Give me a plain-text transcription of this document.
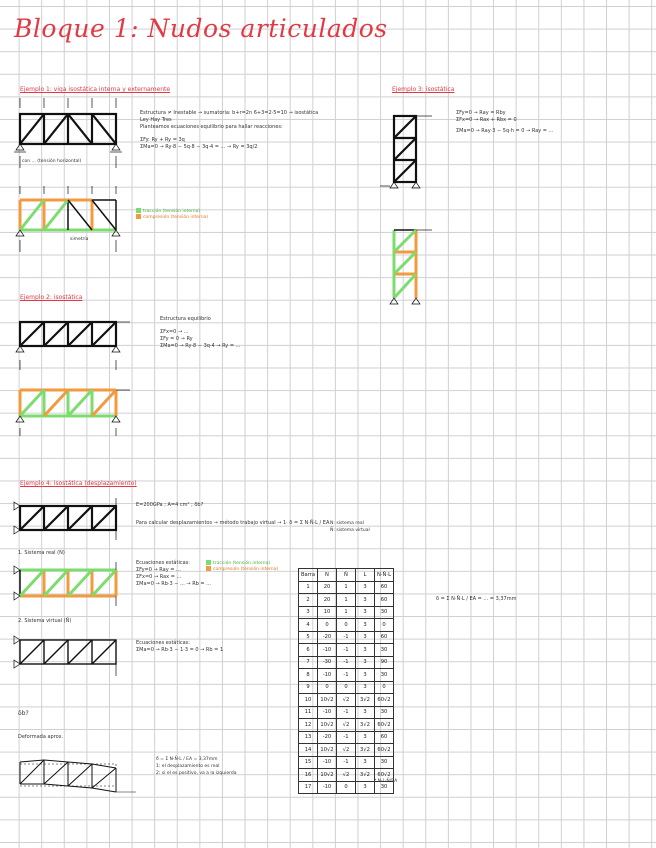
Bloque 1: Nudos articulados
Ejemplo 1: viga isostática interna y externamente
Estructura ≠ Inestable → sumatoria: b+r=2n 6+3=2·5=10 → isostática
Ley Hay Tres
Planteamos ecuaciones equilibrio para hallar reacciones:
ΣFy: Ry + Ry = 3q
ΣMa=0 → Ry·8 − 5q·8 − 3q·4 = ... → Ry = 3q/2
con ... (tensión horizontal)
tracción (tensión interna)
compresión (tensión interna)
simetría
Ejemplo 2: isostática
Estructura equilibrio
ΣFx=0 → ...
ΣFy = 0 → Ry
ΣMa=0 → Ry·8 − 3q·4 → Ry = ...
Ejemplo 3: isostática
ΣFy=0 → Ray = Rby
ΣFx=0 → Rax + Rbx = 0
ΣMa=0 → Ray·3 − 5q·h = 0 → Ray = ...
Ejemplo 4: isostática (desplazamiento)
E=200GPa ; A=4 cm² ; δb?
Para calcular desplazamientos → método trabajo virtual → 1· δ = Σ N·N̄·L / EA N: sistema real
N̄: sistema virtual
1. Sistema real (N)
Ecuaciones estáticas:
ΣFy=0 → Ray = ...
ΣFx=0 → Rax = ...
ΣMa=0 → Rb·3 − ... → Rb = ...
tracción (tensión interna)
compresión (tensión interna)
2. Sistema virtual (N̄)
Ecuaciones estáticas:
ΣMa=0 → Rb·3 − 1·3 = 0 → Rb = 1
δb?
Deformada aprox.
δ = Σ N·N̄·L / EA = 3,37mm
1: el desplazamiento es real
2: si el es positivo, va a la izquierda
δ = Σ N·N̄·L / EA = ... = 3,37mm
* N·L·N̄/EA
Barra	N	N̄	L	N·N̄·L
1	20	1	3	60
2	20	1	3	60
3	10	1	3	30
4	0	0	3	0
5	-20	-1	3	60
6	-10	-1	3	30
7	-30	-1	3	90
8	-10	-1	3	30
9	0	0	3	0
10	10√2	√2	3√2	60√2
11	-10	-1	3	30
12	10√2	√2	3√2	60√2
13	-20	-1	3	60
14	10√2	√2	3√2	60√2
15	-10	-1	3	30
16	10√2	√2	3√2	60√2
17	-10	0	3	30
